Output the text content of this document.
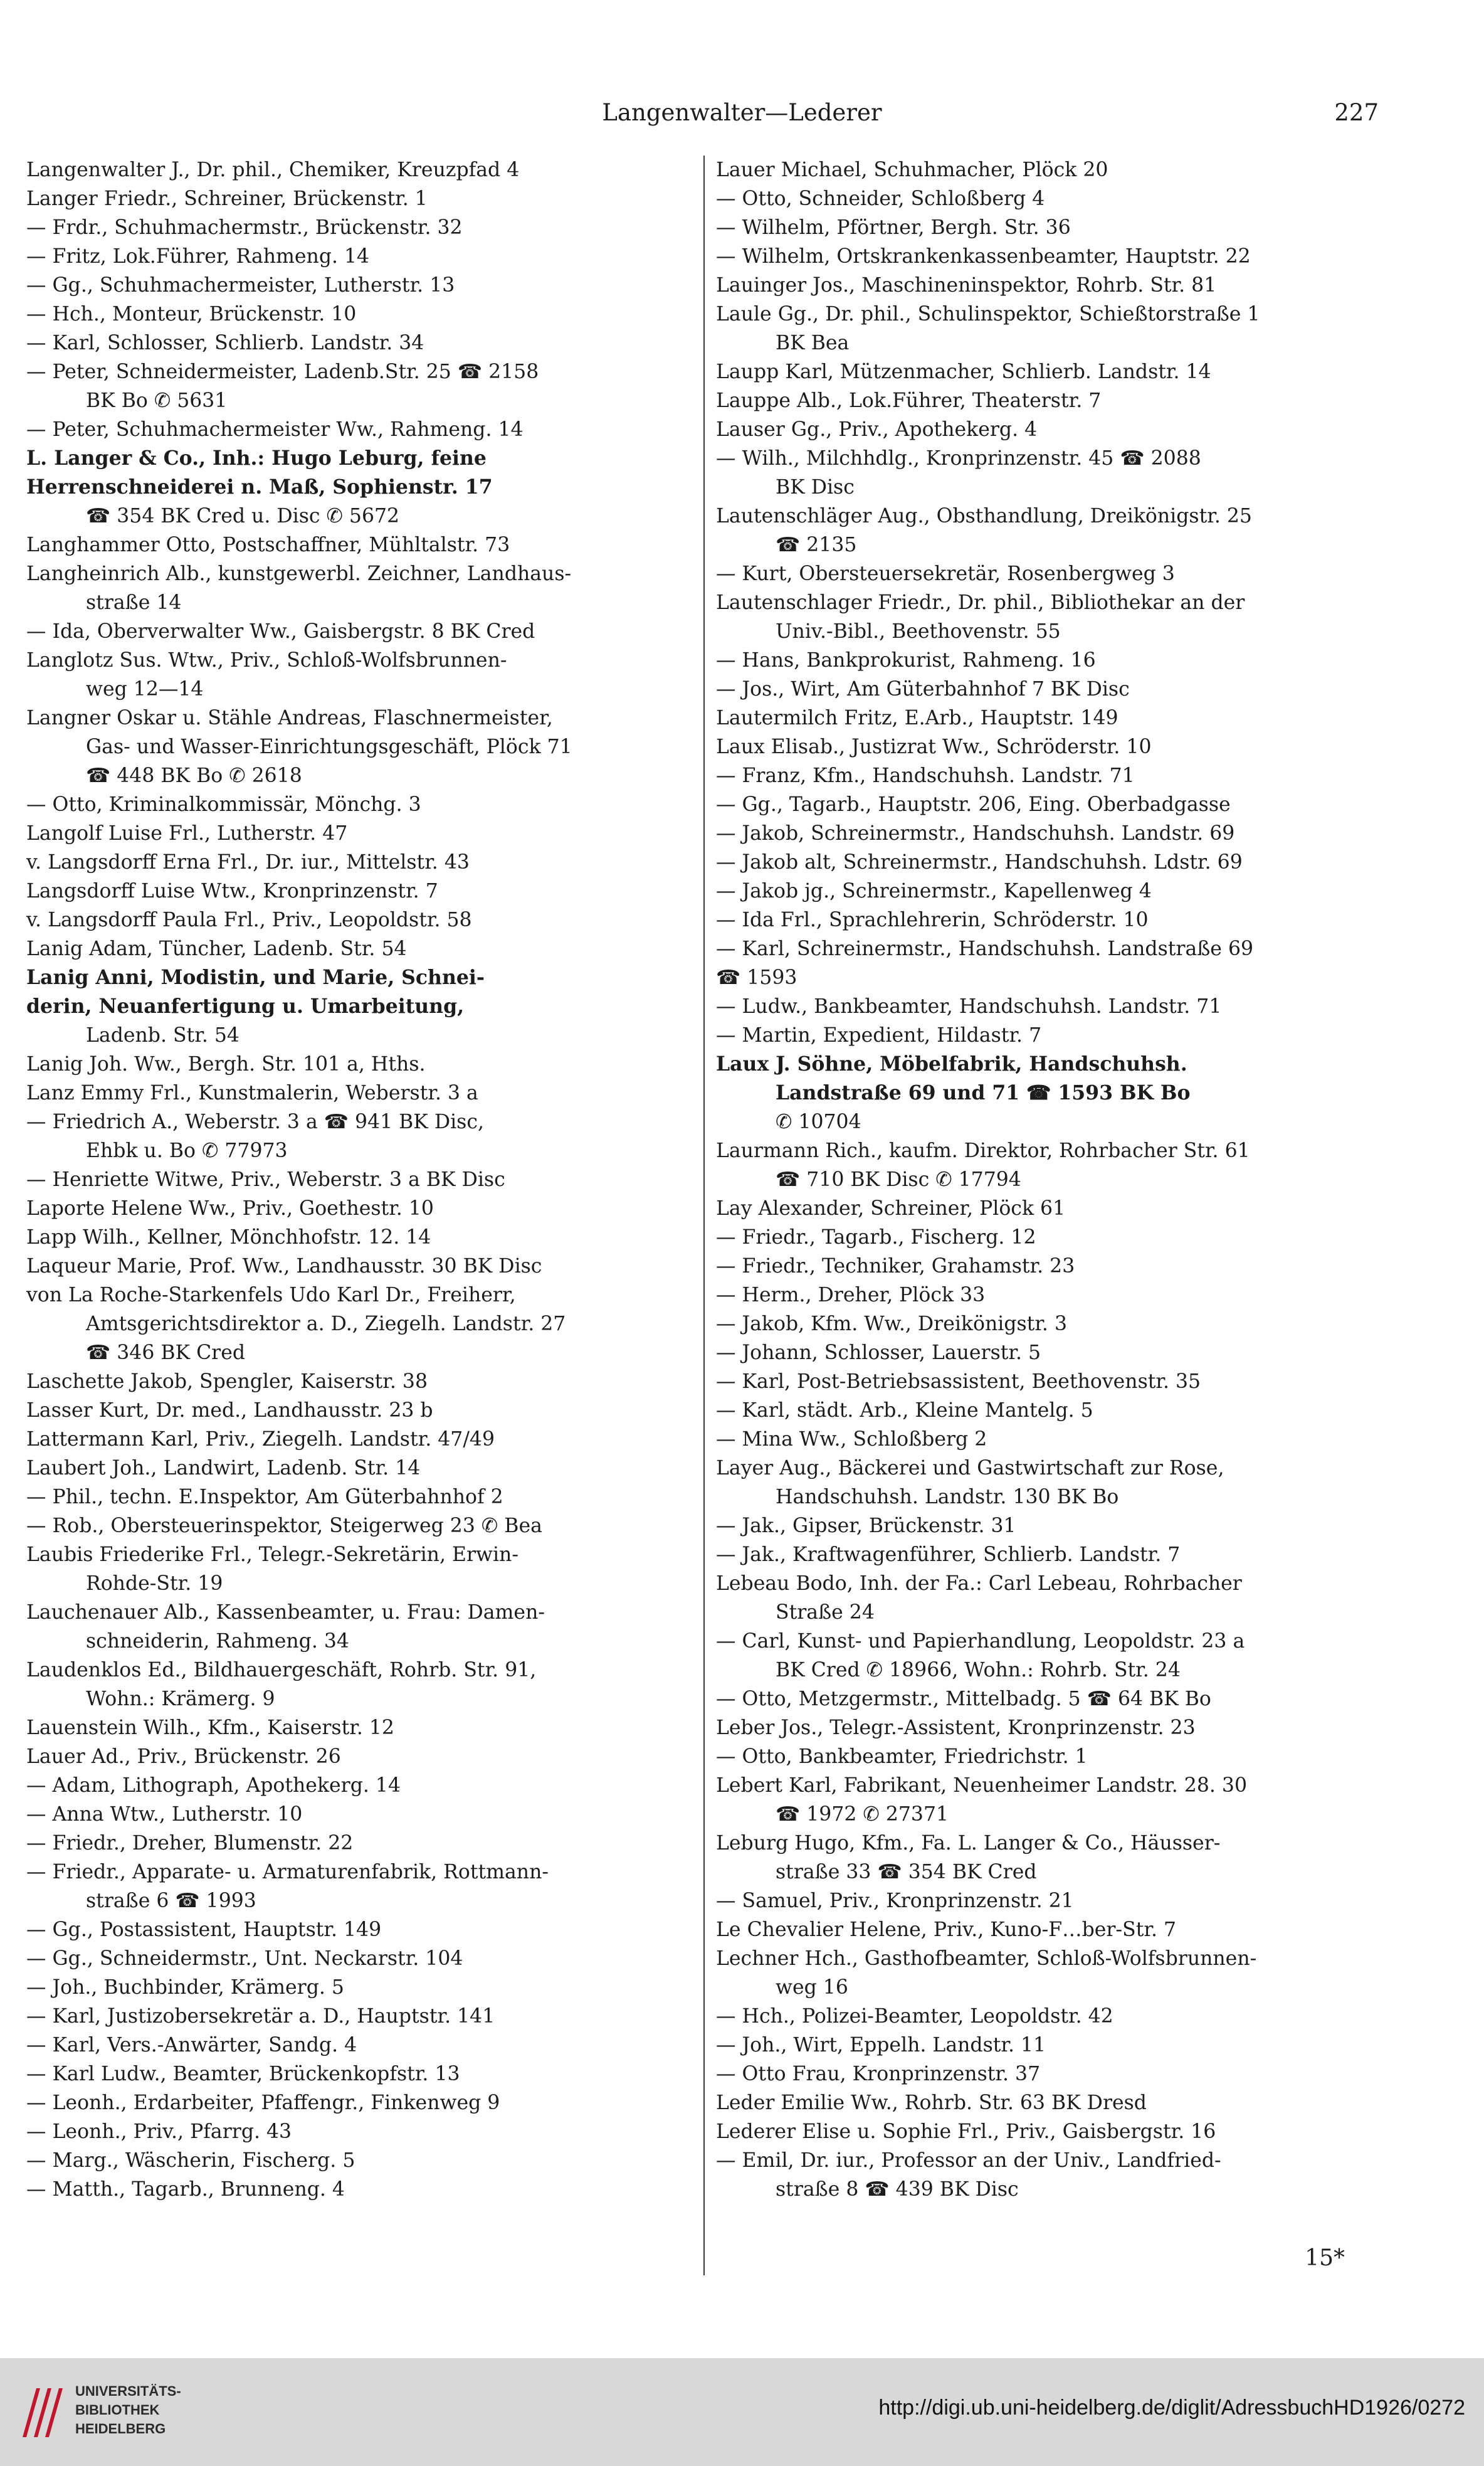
Langenwalter—Lederer	227
Langenwalter J., Dr. phil., Chemiker, Kreuzpfad 4
Langer Friedr., Schreiner, Brückenstr. 1
— Frdr., Schuhmachermstr., Brückenstr. 32
— Fritz, Lok.Führer, Rahmeng. 14
— Gg., Schuhmachermeister, Lutherstr. 13
— Hch., Monteur, Brückenstr. 10
— Karl, Schlosser, Schlierb. Landstr. 34
— Peter, Schneidermeister, Ladenb.Str. 25 ☎ 2158
BK Bo ✆ 5631
— Peter, Schuhmachermeister Ww., Rahmeng. 14
L. Langer & Co., Inh.: Hugo Leburg, feine
Herrenschneiderei n. Maß, Sophienstr. 17
☎ 354 BK Cred u. Disc ✆ 5672
Langhammer Otto, Postschaffner, Mühltalstr. 73
Langheinrich Alb., kunstgewerbl. Zeichner, Landhaus-
straße 14
— Ida, Oberverwalter Ww., Gaisbergstr. 8 BK Cred
Langlotz Sus. Wtw., Priv., Schloß-Wolfsbrunnen-
weg 12—14
Langner Oskar u. Stähle Andreas, Flaschnermeister,
Gas- und Wasser-Einrichtungsgeschäft, Plöck 71
☎ 448 BK Bo ✆ 2618
— Otto, Kriminalkommissär, Mönchg. 3
Langolf Luise Frl., Lutherstr. 47
v. Langsdorff Erna Frl., Dr. iur., Mittelstr. 43
Langsdorff Luise Wtw., Kronprinzenstr. 7
v. Langsdorff Paula Frl., Priv., Leopoldstr. 58
Lanig Adam, Tüncher, Ladenb. Str. 54
Lanig Anni, Modistin, und Marie, Schnei-
derin, Neuanfertigung u. Umarbeitung,
Ladenb. Str. 54
Lanig Joh. Ww., Bergh. Str. 101 a, Hths.
Lanz Emmy Frl., Kunstmalerin, Weberstr. 3 a
— Friedrich A., Weberstr. 3 a ☎ 941 BK Disc,
Ehbk u. Bo ✆ 77973
— Henriette Witwe, Priv., Weberstr. 3 a BK Disc
Laporte Helene Ww., Priv., Goethestr. 10
Lapp Wilh., Kellner, Mönchhofstr. 12. 14
Laqueur Marie, Prof. Ww., Landhausstr. 30 BK Disc
von La Roche-Starkenfels Udo Karl Dr., Freiherr,
Amtsgerichtsdirektor a. D., Ziegelh. Landstr. 27
☎ 346 BK Cred
Laschette Jakob, Spengler, Kaiserstr. 38
Lasser Kurt, Dr. med., Landhausstr. 23 b
Lattermann Karl, Priv., Ziegelh. Landstr. 47/49
Laubert Joh., Landwirt, Ladenb. Str. 14
— Phil., techn. E.Inspektor, Am Güterbahnhof 2
— Rob., Obersteuerinspektor, Steigerweg 23 ✆ Bea
Laubis Friederike Frl., Telegr.-Sekretärin, Erwin-
Rohde-Str. 19
Lauchenauer Alb., Kassenbeamter, u. Frau: Damen-
schneiderin, Rahmeng. 34
Laudenklos Ed., Bildhauergeschäft, Rohrb. Str. 91,
Wohn.: Krämerg. 9
Lauenstein Wilh., Kfm., Kaiserstr. 12
Lauer Ad., Priv., Brückenstr. 26
— Adam, Lithograph, Apothekerg. 14
— Anna Wtw., Lutherstr. 10
— Friedr., Dreher, Blumenstr. 22
— Friedr., Apparate- u. Armaturenfabrik, Rottmann-
straße 6 ☎ 1993
— Gg., Postassistent, Hauptstr. 149
— Gg., Schneidermstr., Unt. Neckarstr. 104
— Joh., Buchbinder, Krämerg. 5
— Karl, Justizobersekretär a. D., Hauptstr. 141
— Karl, Vers.-Anwärter, Sandg. 4
— Karl Ludw., Beamter, Brückenkopfstr. 13
— Leonh., Erdarbeiter, Pfaffengr., Finkenweg 9
— Leonh., Priv., Pfarrg. 43
— Marg., Wäscherin, Fischerg. 5
— Matth., Tagarb., Brunneng. 4
Lauer Michael, Schuhmacher, Plöck 20
— Otto, Schneider, Schloßberg 4
— Wilhelm, Pförtner, Bergh. Str. 36
— Wilhelm, Ortskrankenkassenbeamter, Hauptstr. 22
Lauinger Jos., Maschineninspektor, Rohrb. Str. 81
Laule Gg., Dr. phil., Schulinspektor, Schießtorstraße 1
BK Bea
Laupp Karl, Mützenmacher, Schlierb. Landstr. 14
Lauppe Alb., Lok.Führer, Theaterstr. 7
Lauser Gg., Priv., Apothekerg. 4
— Wilh., Milchhdlg., Kronprinzenstr. 45 ☎ 2088
BK Disc
Lautenschläger Aug., Obsthandlung, Dreikönigstr. 25
☎ 2135
— Kurt, Obersteuersekretär, Rosenbergweg 3
Lautenschlager Friedr., Dr. phil., Bibliothekar an der
Univ.-Bibl., Beethovenstr. 55
— Hans, Bankprokurist, Rahmeng. 16
— Jos., Wirt, Am Güterbahnhof 7 BK Disc
Lautermilch Fritz, E.Arb., Hauptstr. 149
Laux Elisab., Justizrat Ww., Schröderstr. 10
— Franz, Kfm., Handschuhsh. Landstr. 71
— Gg., Tagarb., Hauptstr. 206, Eing. Oberbadgasse
— Jakob, Schreinermstr., Handschuhsh. Landstr. 69
— Jakob alt, Schreinermstr., Handschuhsh. Ldstr. 69
— Jakob jg., Schreinermstr., Kapellenweg 4
— Ida Frl., Sprachlehrerin, Schröderstr. 10
— Karl, Schreinermstr., Handschuhsh. Landstraße 69
☎ 1593
— Ludw., Bankbeamter, Handschuhsh. Landstr. 71
— Martin, Expedient, Hildastr. 7
Laux J. Söhne, Möbelfabrik, Handschuhsh.
Landstraße 69 und 71 ☎ 1593 BK Bo
✆ 10704
Laurmann Rich., kaufm. Direktor, Rohrbacher Str. 61
☎ 710 BK Disc ✆ 17794
Lay Alexander, Schreiner, Plöck 61
— Friedr., Tagarb., Fischerg. 12
— Friedr., Techniker, Grahamstr. 23
— Herm., Dreher, Plöck 33
— Jakob, Kfm. Ww., Dreikönigstr. 3
— Johann, Schlosser, Lauerstr. 5
— Karl, Post-Betriebsassistent, Beethovenstr. 35
— Karl, städt. Arb., Kleine Mantelg. 5
— Mina Ww., Schloßberg 2
Layer Aug., Bäckerei und Gastwirtschaft zur Rose,
Handschuhsh. Landstr. 130 BK Bo
— Jak., Gipser, Brückenstr. 31
— Jak., Kraftwagenführer, Schlierb. Landstr. 7
Lebeau Bodo, Inh. der Fa.: Carl Lebeau, Rohrbacher
Straße 24
— Carl, Kunst- und Papierhandlung, Leopoldstr. 23 a
BK Cred ✆ 18966, Wohn.: Rohrb. Str. 24
— Otto, Metzgermstr., Mittelbadg. 5 ☎ 64 BK Bo
Leber Jos., Telegr.-Assistent, Kronprinzenstr. 23
— Otto, Bankbeamter, Friedrichstr. 1
Lebert Karl, Fabrikant, Neuenheimer Landstr. 28. 30
☎ 1972 ✆ 27371
Leburg Hugo, Kfm., Fa. L. Langer & Co., Häusser-
straße 33 ☎ 354 BK Cred
— Samuel, Priv., Kronprinzenstr. 21
Le Chevalier Helene, Priv., Kuno-F…ber-Str. 7
Lechner Hch., Gasthofbeamter, Schloß-Wolfsbrunnen-
weg 16
— Hch., Polizei-Beamter, Leopoldstr. 42
— Joh., Wirt, Eppelh. Landstr. 11
— Otto Frau, Kronprinzenstr. 37
Leder Emilie Ww., Rohrb. Str. 63 BK Dresd
Lederer Elise u. Sophie Frl., Priv., Gaisbergstr. 16
— Emil, Dr. iur., Professor an der Univ., Landfried-
straße 8 ☎ 439 BK Disc
15*
UNIVERSITÄTS-
BIBLIOTHEK
HEIDELBERG
http://digi.ub.uni-heidelberg.de/diglit/AdressbuchHD1926/0272
